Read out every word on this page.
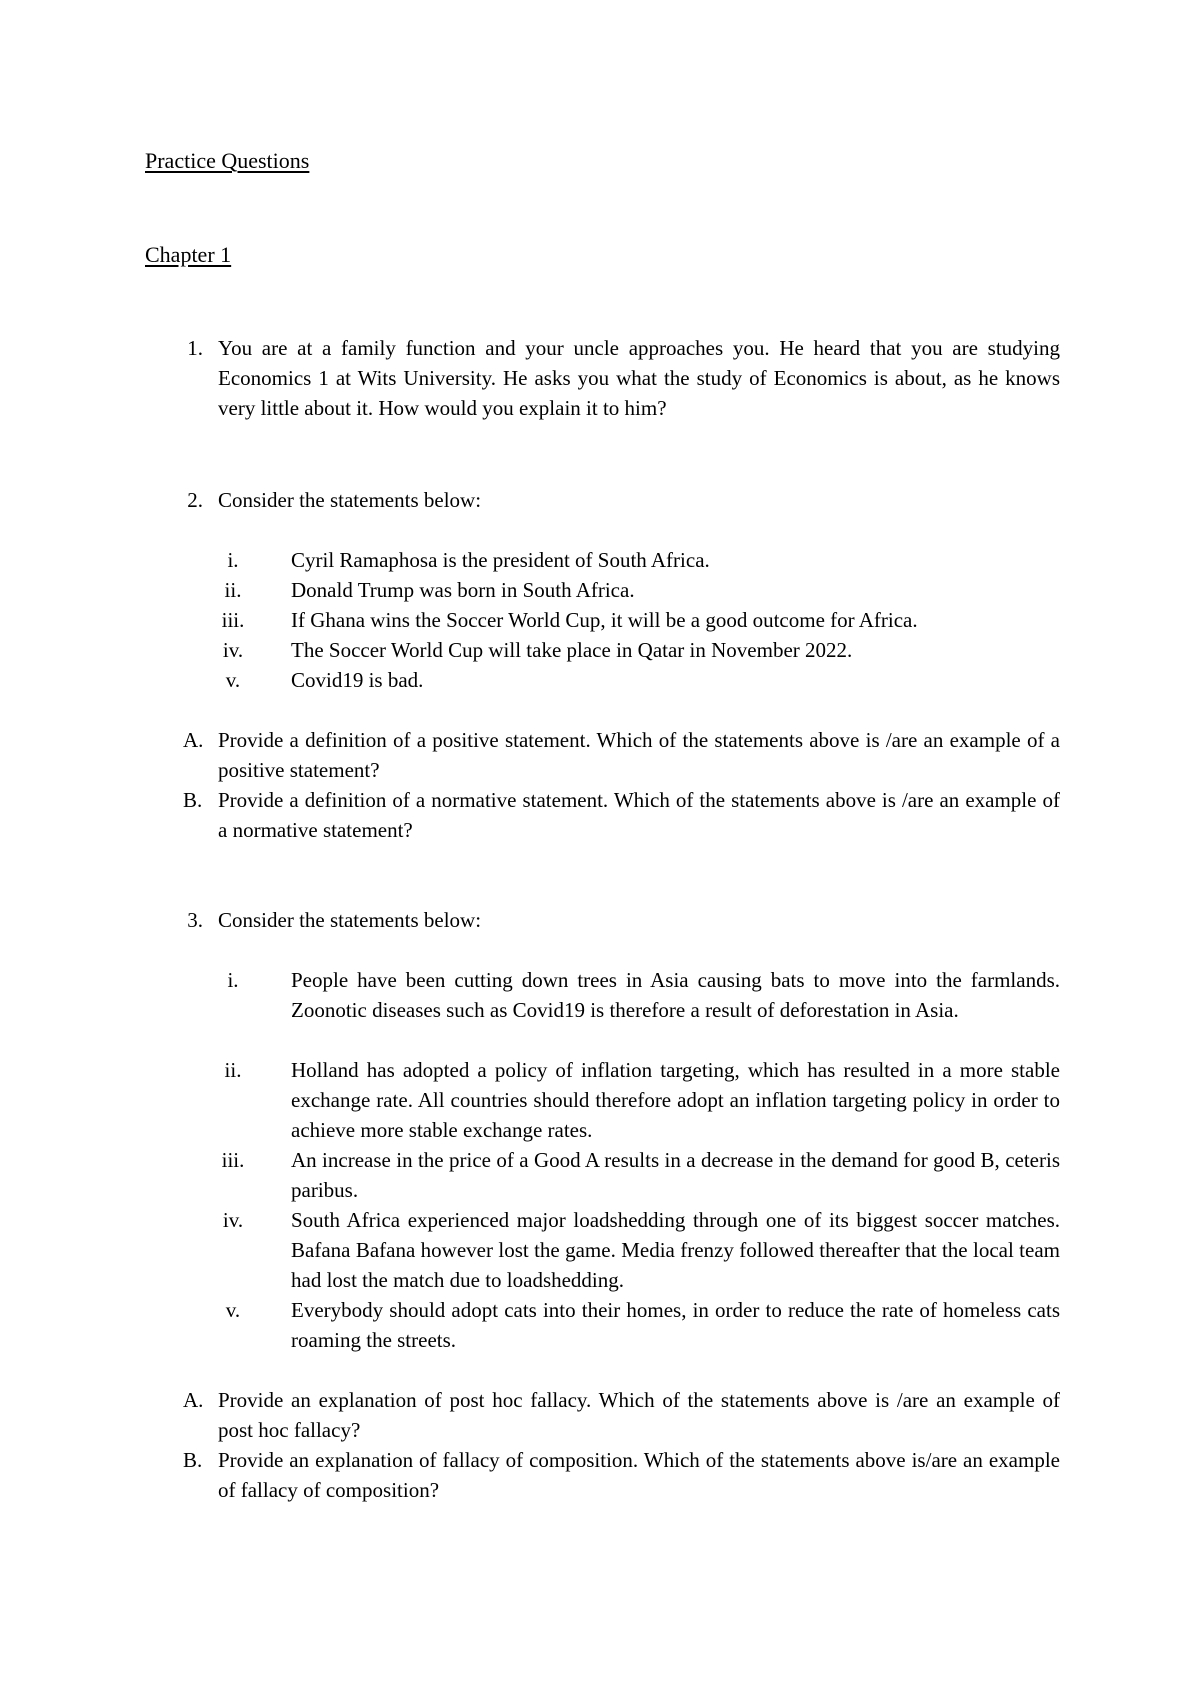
Practice Questions
Chapter 1
1. You are at a family function and your uncle approaches you. He heard that you are studying Economics 1 at Wits University. He asks you what the study of Economics is about, as he knows very little about it. How would you explain it to him?

2. Consider the statements below:

i.	Cyril Ramaphosa is the president of South Africa.

ii.	Donald Trump was born in South Africa.

iii.	If Ghana wins the Soccer World Cup, it will be a good outcome for Africa.

iv.	The Soccer World Cup will take place in Qatar in November 2022.

v.	Covid19 is bad.

A. Provide a definition of a positive statement. Which of the statements above is /are an example of a positive statement?

B. Provide a definition of a normative statement. Which of the statements above is /are an example of a normative statement?

3. Consider the statements below:

i.	People have been cutting down trees in Asia causing bats to move into the farmlands. Zoonotic diseases such as Covid19 is therefore a result of deforestation in Asia.

ii.	Holland has adopted a policy of inflation targeting, which has resulted in a more stable exchange rate. All countries should therefore adopt an inflation targeting policy in order to achieve more stable exchange rates.

iii.	An increase in the price of a Good A results in a decrease in the demand for good B, ceteris paribus.

iv.	South Africa experienced major loadshedding through one of its biggest soccer matches. Bafana Bafana however lost the game. Media frenzy followed thereafter that the local team had lost the match due to loadshedding.

v.	Everybody should adopt cats into their homes, in order to reduce the rate of homeless cats roaming the streets.

A. Provide an explanation of post hoc fallacy. Which of the statements above is /are an example of post hoc fallacy?

B. Provide an explanation of fallacy of composition. Which of the statements above is/are an example of fallacy of composition?
